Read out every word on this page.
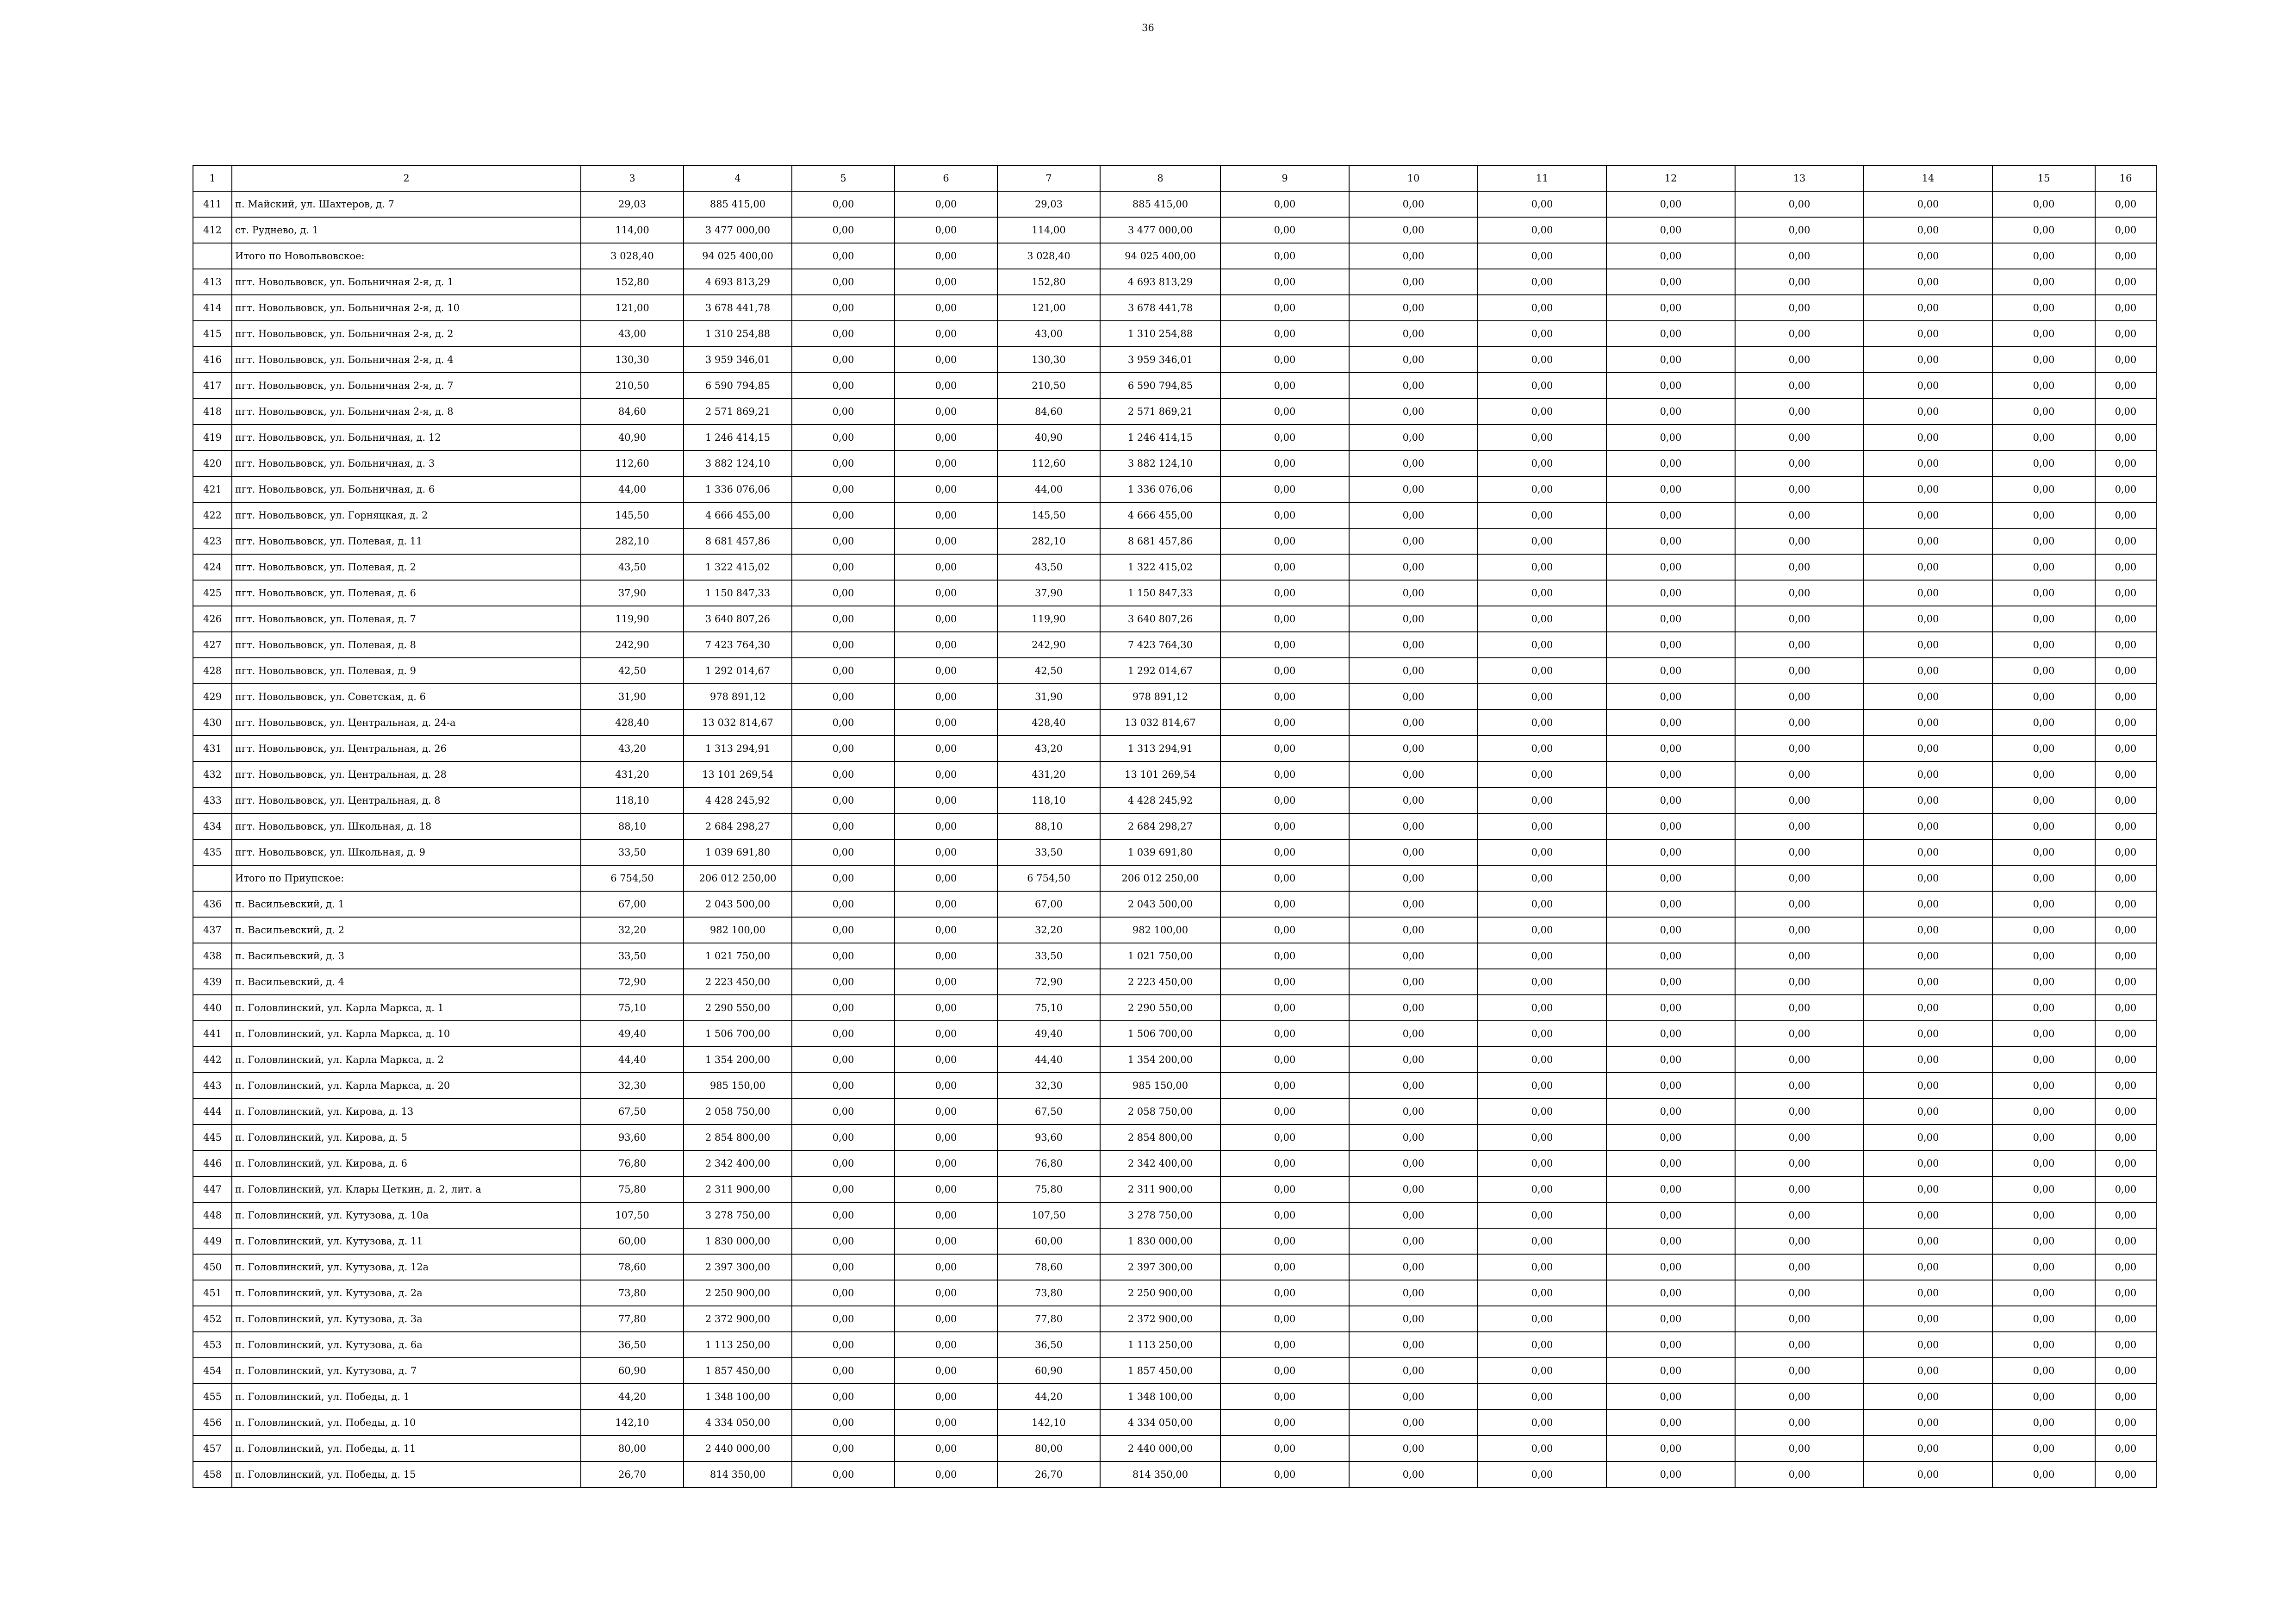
36
1	2	3	4	5	6	7	8	9	10	11	12	13	14	15	16
411	п. Майский, ул. Шахтеров, д. 7	29,03	885 415,00	0,00	0,00	29,03	885 415,00	0,00	0,00	0,00	0,00	0,00	0,00	0,00	0,00
412	ст. Руднево, д. 1	114,00	3 477 000,00	0,00	0,00	114,00	3 477 000,00	0,00	0,00	0,00	0,00	0,00	0,00	0,00	0,00
	Итого по Новольвовское:	3 028,40	94 025 400,00	0,00	0,00	3 028,40	94 025 400,00	0,00	0,00	0,00	0,00	0,00	0,00	0,00	0,00
413	пгт. Новольвовск, ул. Больничная 2-я, д. 1	152,80	4 693 813,29	0,00	0,00	152,80	4 693 813,29	0,00	0,00	0,00	0,00	0,00	0,00	0,00	0,00
414	пгт. Новольвовск, ул. Больничная 2-я, д. 10	121,00	3 678 441,78	0,00	0,00	121,00	3 678 441,78	0,00	0,00	0,00	0,00	0,00	0,00	0,00	0,00
415	пгт. Новольвовск, ул. Больничная 2-я, д. 2	43,00	1 310 254,88	0,00	0,00	43,00	1 310 254,88	0,00	0,00	0,00	0,00	0,00	0,00	0,00	0,00
416	пгт. Новольвовск, ул. Больничная 2-я, д. 4	130,30	3 959 346,01	0,00	0,00	130,30	3 959 346,01	0,00	0,00	0,00	0,00	0,00	0,00	0,00	0,00
417	пгт. Новольвовск, ул. Больничная 2-я, д. 7	210,50	6 590 794,85	0,00	0,00	210,50	6 590 794,85	0,00	0,00	0,00	0,00	0,00	0,00	0,00	0,00
418	пгт. Новольвовск, ул. Больничная 2-я, д. 8	84,60	2 571 869,21	0,00	0,00	84,60	2 571 869,21	0,00	0,00	0,00	0,00	0,00	0,00	0,00	0,00
419	пгт. Новольвовск, ул. Больничная, д. 12	40,90	1 246 414,15	0,00	0,00	40,90	1 246 414,15	0,00	0,00	0,00	0,00	0,00	0,00	0,00	0,00
420	пгт. Новольвовск, ул. Больничная, д. 3	112,60	3 882 124,10	0,00	0,00	112,60	3 882 124,10	0,00	0,00	0,00	0,00	0,00	0,00	0,00	0,00
421	пгт. Новольвовск, ул. Больничная, д. 6	44,00	1 336 076,06	0,00	0,00	44,00	1 336 076,06	0,00	0,00	0,00	0,00	0,00	0,00	0,00	0,00
422	пгт. Новольвовск, ул. Горняцкая, д. 2	145,50	4 666 455,00	0,00	0,00	145,50	4 666 455,00	0,00	0,00	0,00	0,00	0,00	0,00	0,00	0,00
423	пгт. Новольвовск, ул. Полевая, д. 11	282,10	8 681 457,86	0,00	0,00	282,10	8 681 457,86	0,00	0,00	0,00	0,00	0,00	0,00	0,00	0,00
424	пгт. Новольвовск, ул. Полевая, д. 2	43,50	1 322 415,02	0,00	0,00	43,50	1 322 415,02	0,00	0,00	0,00	0,00	0,00	0,00	0,00	0,00
425	пгт. Новольвовск, ул. Полевая, д. 6	37,90	1 150 847,33	0,00	0,00	37,90	1 150 847,33	0,00	0,00	0,00	0,00	0,00	0,00	0,00	0,00
426	пгт. Новольвовск, ул. Полевая, д. 7	119,90	3 640 807,26	0,00	0,00	119,90	3 640 807,26	0,00	0,00	0,00	0,00	0,00	0,00	0,00	0,00
427	пгт. Новольвовск, ул. Полевая, д. 8	242,90	7 423 764,30	0,00	0,00	242,90	7 423 764,30	0,00	0,00	0,00	0,00	0,00	0,00	0,00	0,00
428	пгт. Новольвовск, ул. Полевая, д. 9	42,50	1 292 014,67	0,00	0,00	42,50	1 292 014,67	0,00	0,00	0,00	0,00	0,00	0,00	0,00	0,00
429	пгт. Новольвовск, ул. Советская, д. 6	31,90	978 891,12	0,00	0,00	31,90	978 891,12	0,00	0,00	0,00	0,00	0,00	0,00	0,00	0,00
430	пгт. Новольвовск, ул. Центральная, д. 24-а	428,40	13 032 814,67	0,00	0,00	428,40	13 032 814,67	0,00	0,00	0,00	0,00	0,00	0,00	0,00	0,00
431	пгт. Новольвовск, ул. Центральная, д. 26	43,20	1 313 294,91	0,00	0,00	43,20	1 313 294,91	0,00	0,00	0,00	0,00	0,00	0,00	0,00	0,00
432	пгт. Новольвовск, ул. Центральная, д. 28	431,20	13 101 269,54	0,00	0,00	431,20	13 101 269,54	0,00	0,00	0,00	0,00	0,00	0,00	0,00	0,00
433	пгт. Новольвовск, ул. Центральная, д. 8	118,10	4 428 245,92	0,00	0,00	118,10	4 428 245,92	0,00	0,00	0,00	0,00	0,00	0,00	0,00	0,00
434	пгт. Новольвовск, ул. Школьная, д. 18	88,10	2 684 298,27	0,00	0,00	88,10	2 684 298,27	0,00	0,00	0,00	0,00	0,00	0,00	0,00	0,00
435	пгт. Новольвовск, ул. Школьная, д. 9	33,50	1 039 691,80	0,00	0,00	33,50	1 039 691,80	0,00	0,00	0,00	0,00	0,00	0,00	0,00	0,00
	Итого по Приупское:	6 754,50	206 012 250,00	0,00	0,00	6 754,50	206 012 250,00	0,00	0,00	0,00	0,00	0,00	0,00	0,00	0,00
436	п. Васильевский, д. 1	67,00	2 043 500,00	0,00	0,00	67,00	2 043 500,00	0,00	0,00	0,00	0,00	0,00	0,00	0,00	0,00
437	п. Васильевский, д. 2	32,20	982 100,00	0,00	0,00	32,20	982 100,00	0,00	0,00	0,00	0,00	0,00	0,00	0,00	0,00
438	п. Васильевский, д. 3	33,50	1 021 750,00	0,00	0,00	33,50	1 021 750,00	0,00	0,00	0,00	0,00	0,00	0,00	0,00	0,00
439	п. Васильевский, д. 4	72,90	2 223 450,00	0,00	0,00	72,90	2 223 450,00	0,00	0,00	0,00	0,00	0,00	0,00	0,00	0,00
440	п. Головлинский, ул. Карла Маркса, д. 1	75,10	2 290 550,00	0,00	0,00	75,10	2 290 550,00	0,00	0,00	0,00	0,00	0,00	0,00	0,00	0,00
441	п. Головлинский, ул. Карла Маркса, д. 10	49,40	1 506 700,00	0,00	0,00	49,40	1 506 700,00	0,00	0,00	0,00	0,00	0,00	0,00	0,00	0,00
442	п. Головлинский, ул. Карла Маркса, д. 2	44,40	1 354 200,00	0,00	0,00	44,40	1 354 200,00	0,00	0,00	0,00	0,00	0,00	0,00	0,00	0,00
443	п. Головлинский, ул. Карла Маркса, д. 20	32,30	985 150,00	0,00	0,00	32,30	985 150,00	0,00	0,00	0,00	0,00	0,00	0,00	0,00	0,00
444	п. Головлинский, ул. Кирова, д. 13	67,50	2 058 750,00	0,00	0,00	67,50	2 058 750,00	0,00	0,00	0,00	0,00	0,00	0,00	0,00	0,00
445	п. Головлинский, ул. Кирова, д. 5	93,60	2 854 800,00	0,00	0,00	93,60	2 854 800,00	0,00	0,00	0,00	0,00	0,00	0,00	0,00	0,00
446	п. Головлинский, ул. Кирова, д. 6	76,80	2 342 400,00	0,00	0,00	76,80	2 342 400,00	0,00	0,00	0,00	0,00	0,00	0,00	0,00	0,00
447	п. Головлинский, ул. Клары Цеткин, д. 2, лит. а	75,80	2 311 900,00	0,00	0,00	75,80	2 311 900,00	0,00	0,00	0,00	0,00	0,00	0,00	0,00	0,00
448	п. Головлинский, ул. Кутузова, д. 10а	107,50	3 278 750,00	0,00	0,00	107,50	3 278 750,00	0,00	0,00	0,00	0,00	0,00	0,00	0,00	0,00
449	п. Головлинский, ул. Кутузова, д. 11	60,00	1 830 000,00	0,00	0,00	60,00	1 830 000,00	0,00	0,00	0,00	0,00	0,00	0,00	0,00	0,00
450	п. Головлинский, ул. Кутузова, д. 12а	78,60	2 397 300,00	0,00	0,00	78,60	2 397 300,00	0,00	0,00	0,00	0,00	0,00	0,00	0,00	0,00
451	п. Головлинский, ул. Кутузова, д. 2а	73,80	2 250 900,00	0,00	0,00	73,80	2 250 900,00	0,00	0,00	0,00	0,00	0,00	0,00	0,00	0,00
452	п. Головлинский, ул. Кутузова, д. 3а	77,80	2 372 900,00	0,00	0,00	77,80	2 372 900,00	0,00	0,00	0,00	0,00	0,00	0,00	0,00	0,00
453	п. Головлинский, ул. Кутузова, д. 6а	36,50	1 113 250,00	0,00	0,00	36,50	1 113 250,00	0,00	0,00	0,00	0,00	0,00	0,00	0,00	0,00
454	п. Головлинский, ул. Кутузова, д. 7	60,90	1 857 450,00	0,00	0,00	60,90	1 857 450,00	0,00	0,00	0,00	0,00	0,00	0,00	0,00	0,00
455	п. Головлинский, ул. Победы, д. 1	44,20	1 348 100,00	0,00	0,00	44,20	1 348 100,00	0,00	0,00	0,00	0,00	0,00	0,00	0,00	0,00
456	п. Головлинский, ул. Победы, д. 10	142,10	4 334 050,00	0,00	0,00	142,10	4 334 050,00	0,00	0,00	0,00	0,00	0,00	0,00	0,00	0,00
457	п. Головлинский, ул. Победы, д. 11	80,00	2 440 000,00	0,00	0,00	80,00	2 440 000,00	0,00	0,00	0,00	0,00	0,00	0,00	0,00	0,00
458	п. Головлинский, ул. Победы, д. 15	26,70	814 350,00	0,00	0,00	26,70	814 350,00	0,00	0,00	0,00	0,00	0,00	0,00	0,00	0,00
